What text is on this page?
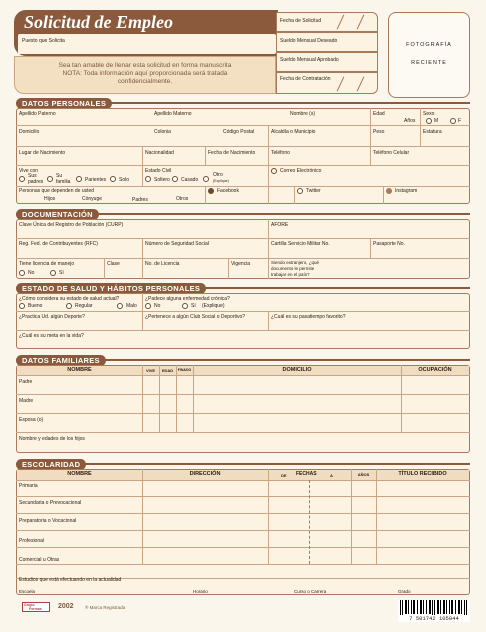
Solicitud de Empleo
Puesto que Solicita
Fecha de Solicitud
Sueldo Mensual Deseado
Sueldo Mensual Aprobado
Fecha de Contratación
Sea tan amable de llenar esta solicitud en forma manuscrita
NOTA: Toda información aquí proporcionada será tratada
confidencialmente.
FOTOGRAFÍA
RECIENTE
DATOS PERSONALES
Apellido Paterno	Apellido Materno	Nombre (s)	Edad
Años
Sexo
M	F
Domicilio	Colonia	Código Postal	Alcaldía o Municipio	Peso	Estatura
Lugar de Nacimiento	Nacionalidad	Fecha de Nacimiento	Teléfono	Teléfono Celular
Vive con
Sus
padres
Su
familia	Parientes	Solo
Estado Civil
Soltero Casado
Otro
(Explique)
Correo Electrónico
Personas que dependen de usted
Hijos	Cónyuge	Padres	Otros
Facebook	Twitter	Instagram
DOCUMENTACIÓN
Clave Única del Registro de Población (CURP)	AFORE
Reg. Fed. de Contribuyentes (RFC)	Número de Seguridad Social	Cartilla Servicio Militar No.	Pasaporte No.
Tiene licencia de manejo
No	Sí
Clase	No. de Licencia	Vigencia	Siendo extranjero, ¿qué
documento le permite
trabajar en el país?
ESTADO DE SALUD Y HÁBITOS PERSONALES
¿Cómo considera su estado de salud actual?
Bueno	Regular	Malo
¿Padece alguna enfermedad crónica?
No	Sí (Explique)
¿Practica Ud. algún Deporte?	¿Pertenece a algún Club Social o Deportivo?	¿Cuál es su pasatiempo favorito?
¿Cuál es su meta en la vida?
DATOS FAMILIARES
NOMBRE	VIVE	EDAD	FINADO	DOMICILIO	OCUPACIÓN
Padre
Madre
Esposa (o)
Nombre y edades de los hijos
ESCOLARIDAD
NOMBRE	DIRECCIÓN	DE FECHAS	A	AÑOS	TÍTULO RECIBIDO
Primaria
Secundaria o Prevocacional
Preparatoria o Vocacional
Profesional
Comercial u Otras
Estudios que está efectuando en la actualidad
Escuela	Horario	Curso o Carrera	Grado
Grupo
Formas 2002	® Marca Registrada
7 501742 105044
